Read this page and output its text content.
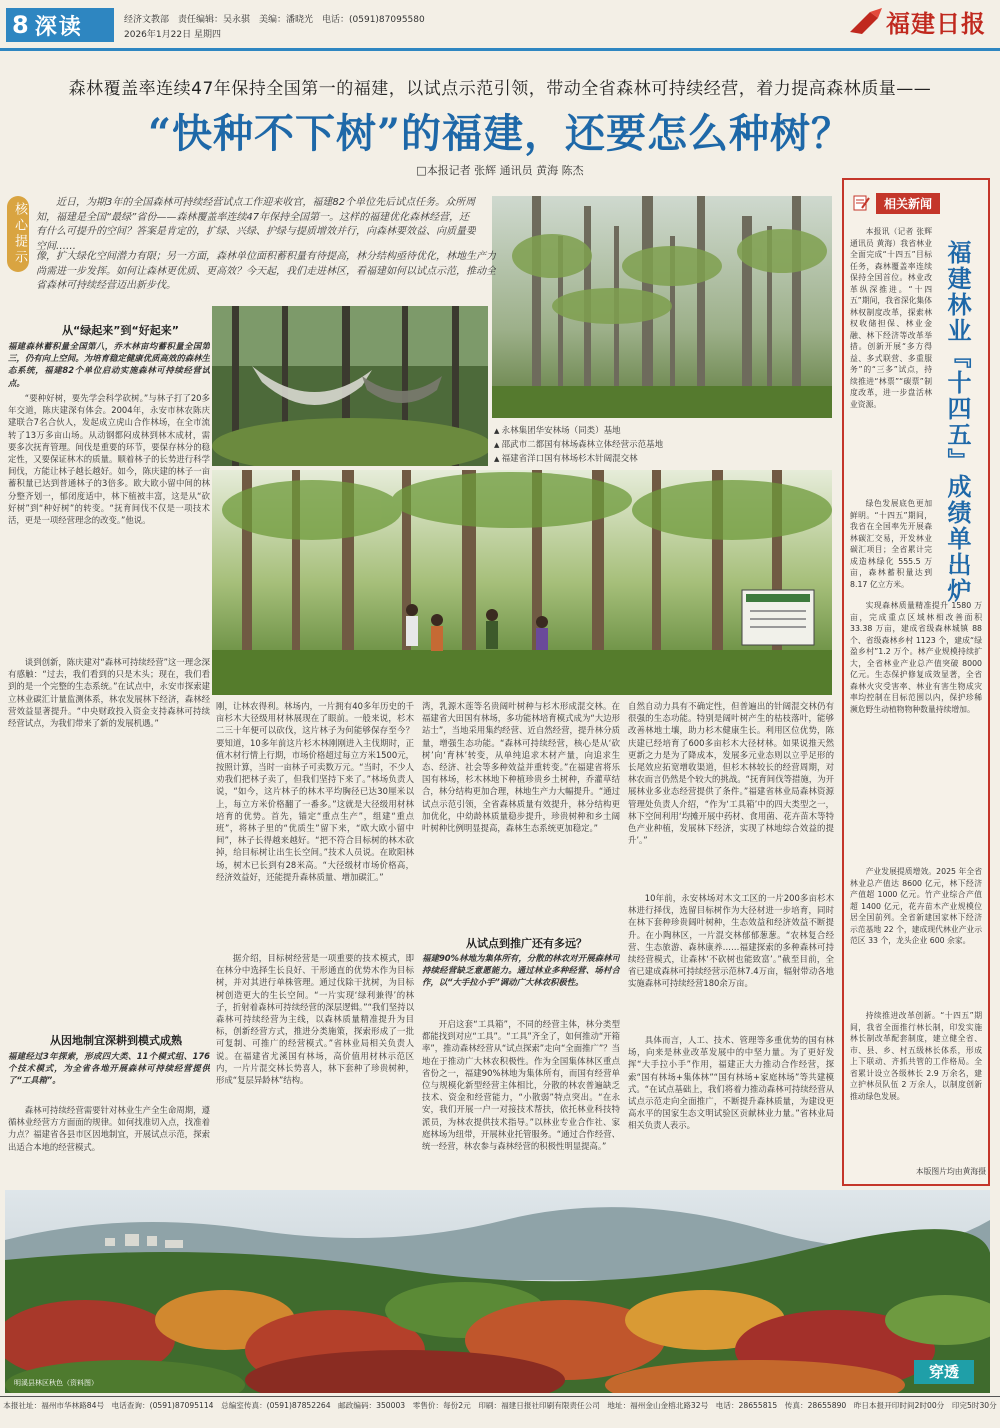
8 深读	经济文教部　责任编辑：吴永骐　美编：潘晓光　电话：(0591)87095580
2026年1月22日 星期四	福建日报
森林覆盖率连续47年保持全国第一的福建，以试点示范引领，带动全省森林可持续经营，着力提高森林质量——
“快种不下树”的福建，还要怎么种树？
□本报记者 张辉 通讯员 黄海 陈杰
核心提示	近日，为期3年的全国森林可持续经营试点工作迎来收官，福建82个单位先后试点任务。众所周知，福建是全国“最绿”省份——森林覆盖率连续47年保持全国第一。这样的福建优化森林经营，还有什么可提升的空间？答案是肯定的，扩绿、兴绿、护绿与提质增效并行，向森林要效益、向质量要空间……
像，扩大绿化空间潜力有限；另一方面，森林单位面积蓄积量有待提高，林分结构亟待优化，林地生产力尚需进一步发挥。如何让森林更优质、更高效？今天起，我们走进林区，看福建如何以试点示范，推动全省森林可持续经营迈出新步伐。
从“绿起来”到“好起来”
福建森林蓄积量全国第八，乔木林亩均蓄积量全国第三，仍有向上空间。为培育稳定健康优质高效的森林生态系统，福建82个单位启动实施森林可持续经营试点。
“要种好树，要先学会科学砍树。”与林子打了20多年交道，陈庆建深有体会。2004年，永安市林农陈庆建联合7名合伙人，发起成立虎山合作林场，在全市流转了13万多亩山场。从动钢都闷成林到林木成材，需要多次抚育管理。间伐是重要的环节，要保存林分的稳定性，又要保证林木的质量。顺着林子的长势进行科学间伐，方能让林子越长越好。如今，陈庆建的林子一亩蓄积量已达到普通林子的3倍多。欧大欧小留中间的林分整齐划一，郁闭度适中，林下植被丰富，这是从“砍好树”到“种好树”的转变。“抚育间伐不仅是一项技术活，更是一项经营理念的改变。”他说。
谈到创新，陈庆建对“森林可持续经营”这一理念深有感触：“过去，我们看到的只是木头；现在，我们看到的是一个完整的生态系统。”在试点中，永安市探索建立林业碳汇计量监测体系，林农发展林下经济，森林经营效益显著提升。“中央财政投入资金支持森林可持续经营试点，为我们带来了新的发展机遇。”
从因地制宜深耕到模式成熟
福建经过3年探索，形成四大类、11个模式组、176个技术模式，为全省各地开展森林可持续经营提供了“工具箱”。
森林可持续经营需要针对林业生产全生命周期，遵循林业经营方方面面的规律。如何找准切入点，找准着力点？福建省各县市区因地制宜，开展试点示范，探索出适合本地的经营模式。
▲ 永林集团华安林场（同类）基地
▲ 邵武市二都国有林场森林立体经营示范基地
▲ 福建省洋口国有林场杉木针阔混交林
刚，让林农得利。林场内，一片拥有40多年历史的千亩杉木大径级用材林展现在了眼前。一般来说，杉木二三十年便可以砍伐，这片林子为何能够保存至今？要知道，10多年前这片杉木林刚刚进入主伐期时，正值木材行情上行期，市场价格超过每立方米1500元，按照计算，当时一亩林子可卖数万元。“当时，不少人劝我们把林子卖了，但我们坚持下来了。”林场负责人说，“如今，这片林子的林木平均胸径已达30厘米以上，每立方米价格翻了一番多。”这就是大径级用材林培育的优势。首先，锚定“重点生产”，组建“重点班”，将林子里的“优质生”留下来，“欧大欧小留中间”，林子长得越来越好。“把不符合目标树的林木砍掉，给目标树让出生长空间。”技术人员说。在欧阳林场，树木已长到有28米高。“大径级材市场价格高，经济效益好，还能提升森林质量、增加碳汇。”
据介绍，目标树经营是一项重要的技术模式，即在林分中选择生长良好、干形通直的优势木作为目标树，并对其进行单株管理。通过伐除干扰树，为目标树创造更大的生长空间。“一片实现‘绿利兼得’的林子，折射着森林可持续经营的深层逻辑。”“我们坚持以森林可持续经营为主线，以森林质量精准提升为目标，创新经营方式，推进分类施策，探索形成了一批可复制、可推广的经营模式。”省林业局相关负责人说。在福建省尤溪国有林场，高价值用材林示范区内，一片片混交林长势喜人，林下套种了珍贵树种，形成“复层异龄林”结构。
湾，乳源木莲等名贵阔叶树种与杉木形成混交林。在福建省大田国有林场，多功能林培育模式成为“大边形站士”，当地采用集约经营、近自然经营，提升林分质量，增强生态功能。“森林可持续经营，核心是从‘砍树’向‘育林’转变，从单纯追求木材产量，向追求生态、经济、社会等多种效益并重转变。”在福建省将乐国有林场，杉木林地下种植珍贵乡土树种，乔灌草结合，林分结构更加合理，林地生产力大幅提升。“通过试点示范引领，全省森林质量有效提升，林分结构更加优化，中幼龄林质量稳步提升，珍贵树种和乡土阔叶树种比例明显提高，森林生态系统更加稳定。”
从试点到推广还有多远？
福建90%林地为集体所有，分散的林农对开展森林可持续经营缺乏意愿能力。通过林业多种经营、场村合作，以“大手拉小手”调动广大林农积极性。
开启这套“工具箱”，不同的经营主体，林分类型都能找到对应“工具”。“工具”齐全了，如何推动“开箱率”，推动森林经营从“试点探索”走向“全面推广”？当地在于推动广大林农积极性。作为全国集体林区重点省份之一，福建90%林地为集体所有，而国有经营单位与规模化新型经营主体相比，分散的林农普遍缺乏技术、资金和经营能力，“小散弱”特点突出。“在永安，我们开展一户一对接技术帮扶，依托林业科技特派员，为林农提供技术指导。”以林业专业合作社、家庭林场为纽带，开展林业托管服务。“通过合作经营、统一经营，林农参与森林经营的积极性明显提高。”
自然自动力具有不确定性，但普遍出的针阔混交林仍有很强的生态功能。特别是阔叶树产生的枯枝落叶，能够改善林地土壤，助力杉木健康生长。利用区位优势，陈庆建已经培育了600多亩杉木大径材林。如果说推天然更新之力是为了降成本，发展多元业态则以立乎足形的长尾效应拓宽增收渠道，但杉木林较长的经营周期，对林农而言仍然是个较大的挑战。“抚育间伐等措施，为开展林业多业态经营提供了条件。”福建省林业局森林资源管理处负责人介绍，“作为‘工具箱’中的四大类型之一，林下空间利用‘均摊开展中药材、食用菌、花卉苗木等特色产业种植，发展林下经济，实现了林地综合效益的提升’。”
10年前，永安林场对木文工区的一片200多亩杉木林进行择伐，选留目标树作为大径材进一步培育，同时在林下套种珍贵阔叶树种，生态效益和经济效益不断提升。在小陶林区，一片混交林郁郁葱葱。“农林复合经营、生态旅游、森林康养……福建探索的多种森林可持续经营模式，让森林‘不砍树也能致富’。”截至目前，全省已建成森林可持续经营示范林7.4万亩，辐射带动各地实施森林可持续经营180余万亩。
具体而言，人工、技术、管理等多重优势的国有林场，向来是林业改革发展中的中坚力量。为了更好发挥“大手拉小手”作用，福建正大力推动合作经营，探索“国有林场+集体林”“国有林场+家庭林场”等共建模式。“在试点基础上，我们将着力推动森林可持续经营从试点示范走向全面推广，不断提升森林质量，为建设更高水平的国家生态文明试验区贡献林业力量。”省林业局相关负责人表示。
相关新闻
福建林业『十四五』成绩单出炉
本报讯（记者 张辉 通讯员 黄海）我省林业全面完成“十四五”目标任务，森林覆盖率连续保持全国首位。林业改革纵深推进。“十四五”期间，我省深化集体林权制度改革，探索林权收储担保、林业金融、林下经济等改革举措。创新开展“多方得益、多式联营、多重服务”的“三多”试点，持续推进“林票”“碳票”制度改革，进一步盘活林业资源。
绿色发展底色更加鲜明。“十四五”期间，我省在全国率先开展森林碳汇交易，开发林业碳汇项目；全省累计完成造林绿化 555.5 万亩，森林蓄积量达到 8.17 亿立方米。
实现森林质量精准提升 1580 万亩，完成重点区域林相改善面积 33.38 万亩，建成省级森林城镇 88 个、省级森林乡村 1123 个，建成“绿盈乡村”1.2 万个。林产业规模持续扩大，全省林业产业总产值突破 8000 亿元。生态保护修复成效显著，全省森林火灾受害率、林业有害生物成灾率均控制在目标范围以内，保护珍稀濒危野生动植物物种数量持续增加。
产业发展提质增效。2025 年全省林业总产值达 8600 亿元，林下经济产值超 1000 亿元。竹产业综合产值超 1400 亿元，花卉苗木产业规模位居全国前列。全省新建国家林下经济示范基地 22 个，建成现代林业产业示范区 33 个，龙头企业 600 余家。
持续推进改革创新。“十四五”期间，我省全面推行林长制，印发实施林长制改革配套制度，建立健全省、市、县、乡、村五级林长体系，形成上下联动、齐抓共管的工作格局。全省累计设立各级林长 2.9 万余名，建立护林员队伍 2 万余人，以制度创新推动绿色发展。
本版图片均由黄海摄
穿透
明溪县林区秋色（资料图）
本报社址：福州市华林路84号　电话查询：(0591)87095114　总编室传真：(0591)87852264　邮政编码：350003　零售价：每份2元　印刷：福建日报社印刷有限责任公司　地址：福州金山金榕北路32号　电话：28655815　传真：28655890　昨日本报开印时间2时00分　印完5时30分
